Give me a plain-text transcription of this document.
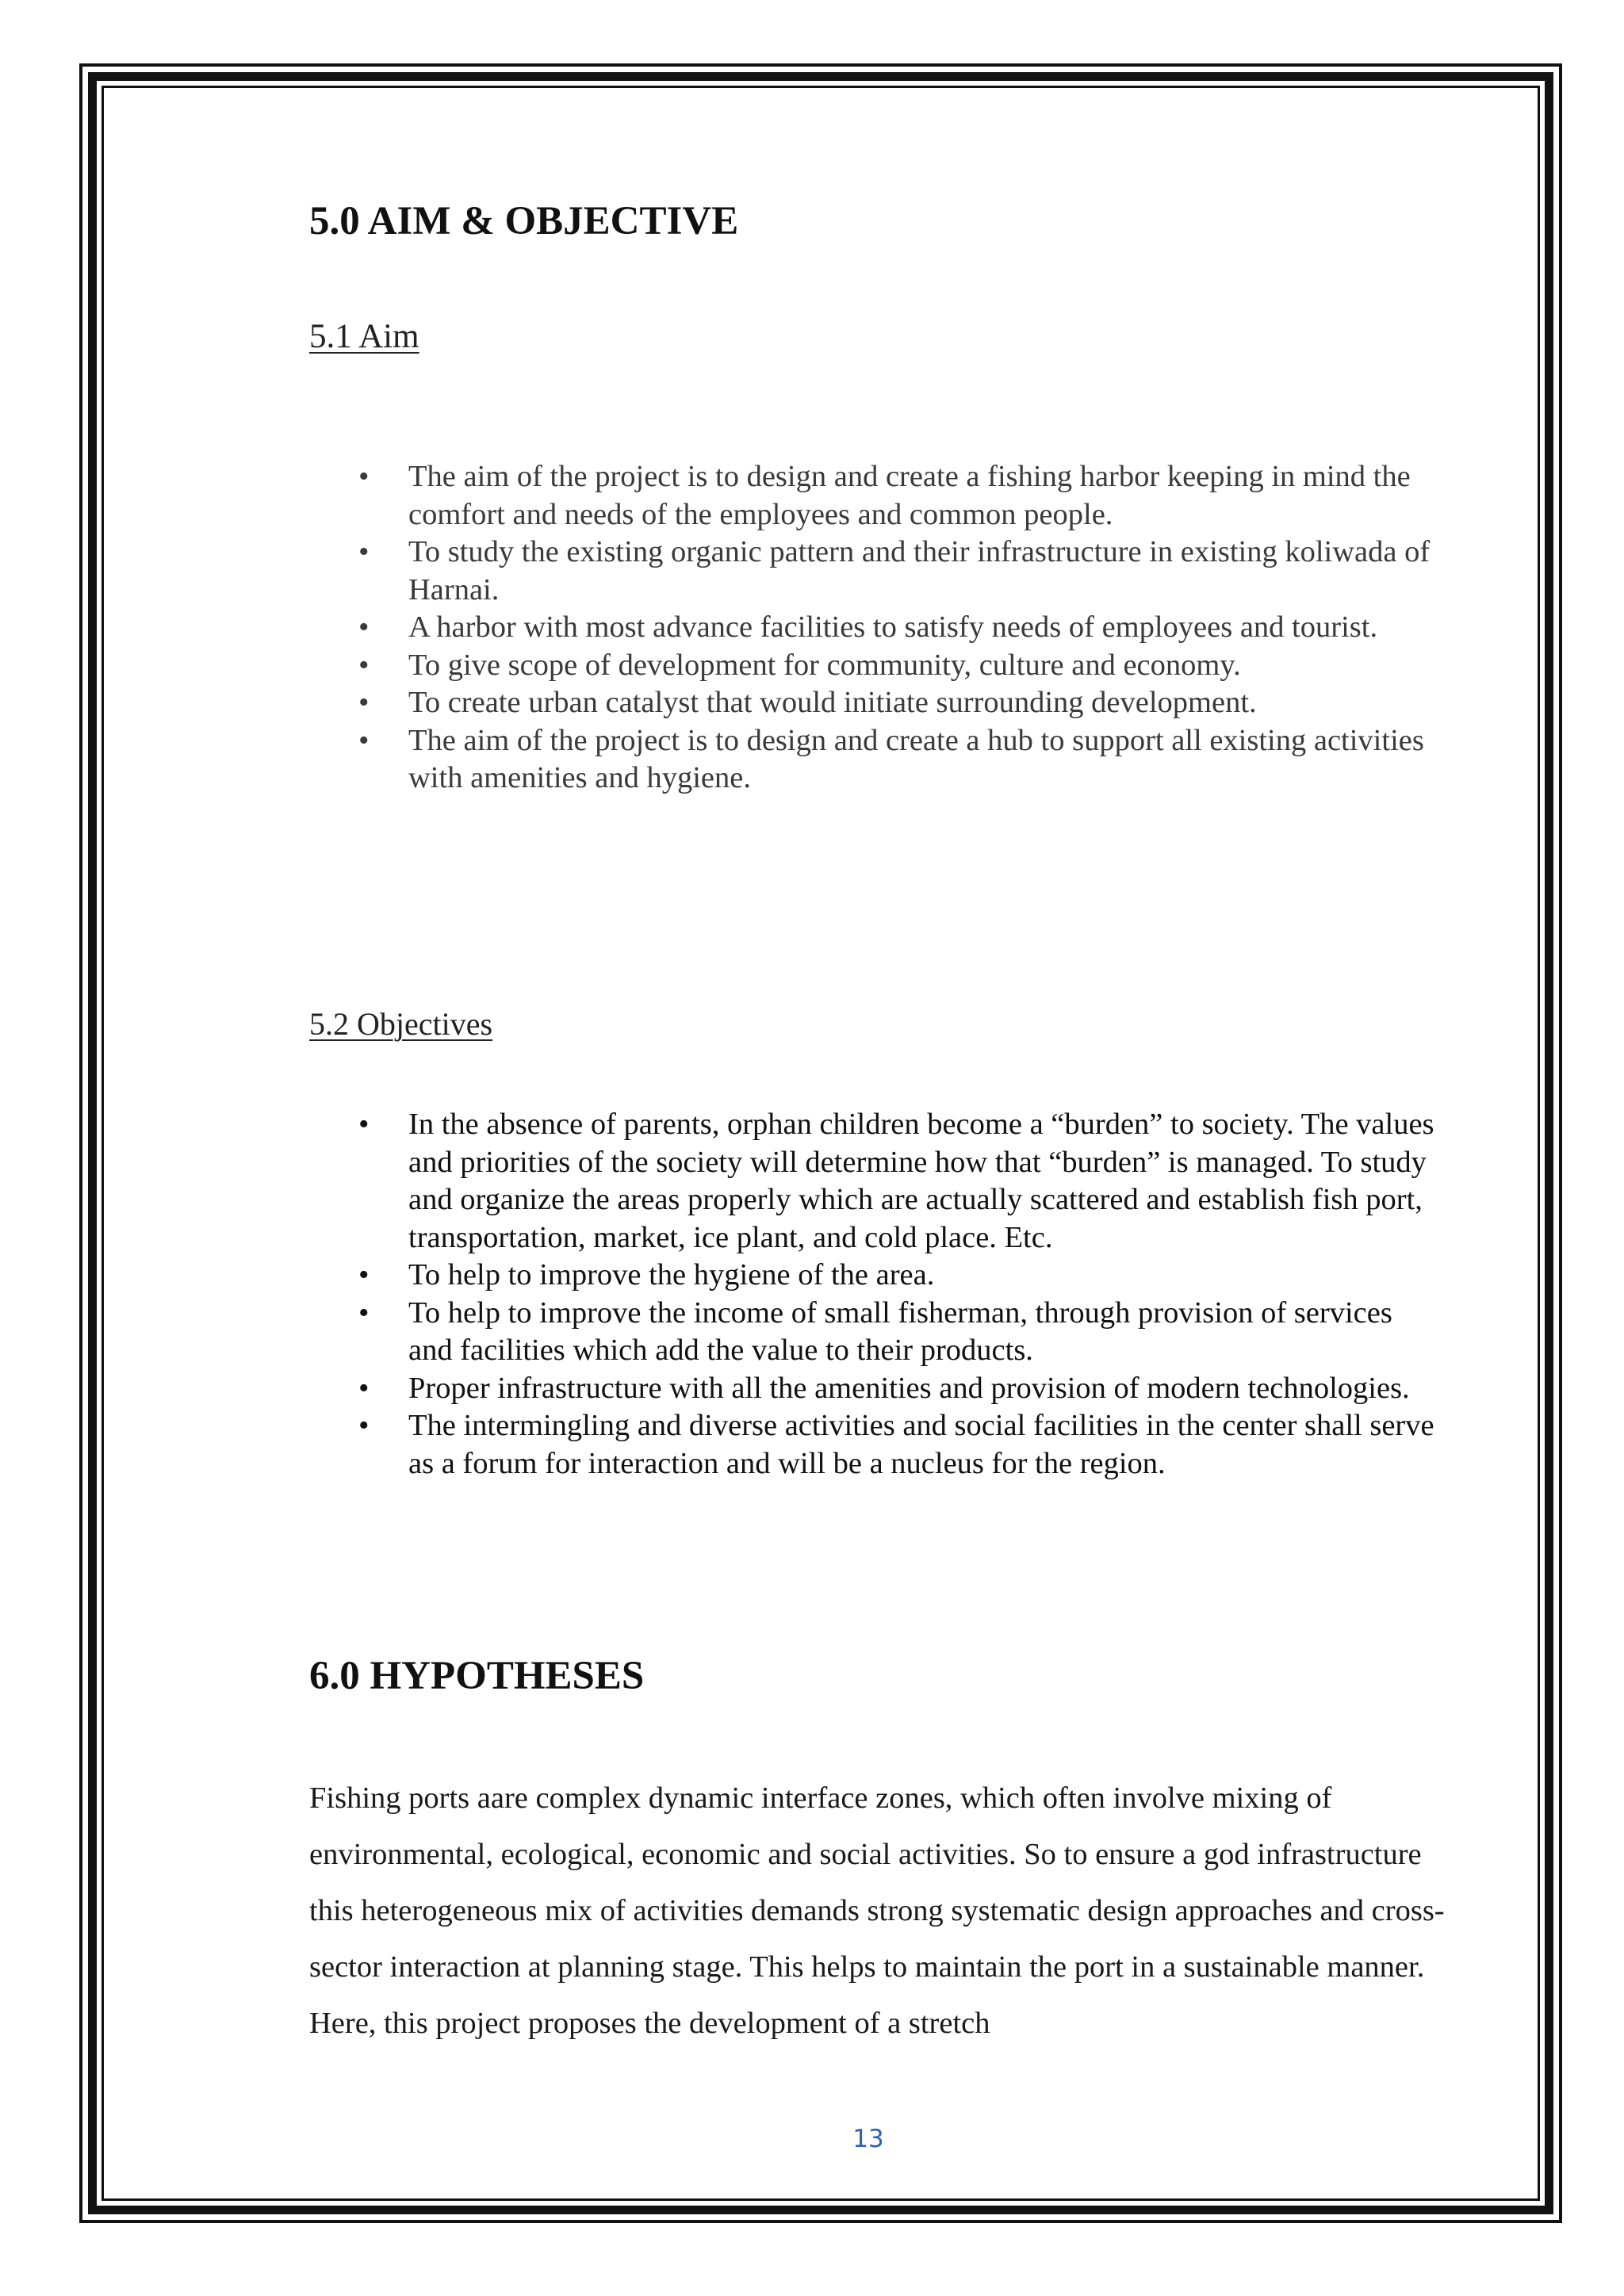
5.0 AIM & OBJECTIVE
5.1 Aim
• The aim of the project is to design and create a fishing harbor keeping in mind the comfort and needs of the employees and common people.
• To study the existing organic pattern and their infrastructure in existing koliwada of Harnai.
• A harbor with most advance facilities to satisfy needs of employees and tourist.
• To give scope of development for community, culture and economy.
• To create urban catalyst that would initiate surrounding development.
• The aim of the project is to design and create a hub to support all existing activities with amenities and hygiene.
5.2 Objectives
• In the absence of parents, orphan children become a “burden” to society. The values and priorities of the society will determine how that “burden” is managed. To study and organize the areas properly which are actually scattered and establish fish port, transportation, market, ice plant, and cold place. Etc.
• To help to improve the hygiene of the area.
• To help to improve the income of small fisherman, through provision of services and facilities which add the value to their products.
• Proper infrastructure with all the amenities and provision of modern technologies.
• The intermingling and diverse activities and social facilities in the center shall serve as a forum for interaction and will be a nucleus for the region.
6.0 HYPOTHESES

Fishing ports aare complex dynamic interface zones, which often involve mixing of environmental, ecological, economic and social activities. So to ensure a god infrastructure this heterogeneous mix of activities demands strong systematic design approaches and cross-sector interaction at planning stage. This helps to maintain the port in a sustainable manner. Here, this project proposes the development of a stretch

13
